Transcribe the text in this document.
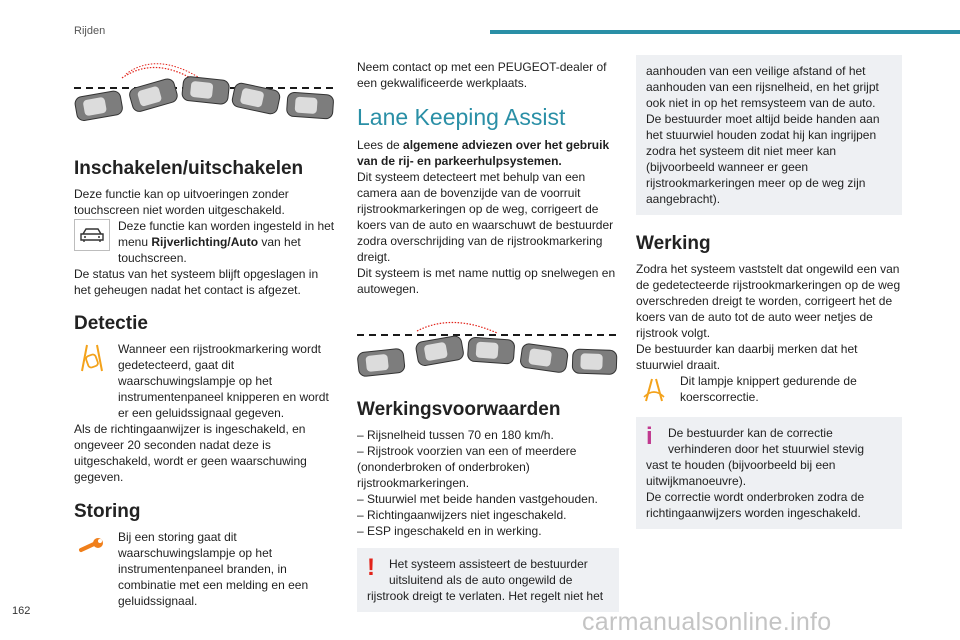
Rijden
Inschakelen/uitschakelen

Deze functie kan op uitvoeringen zonder touchscreen niet worden uitgeschakeld.

Deze functie kan worden ingesteld in het menu Rijverlichting/Auto van het touchscreen.

De status van het systeem blijft opgeslagen in het geheugen nadat het contact is afgezet.

Detectie
Wanneer een rijstrookmarkering wordt gedetecteerd, gaat dit waarschuwingslampje op het instrumentenpaneel knipperen en wordt er een geluidssignaal gegeven.

Als de richtingaanwijzer is ingeschakeld, en ongeveer 20 seconden nadat deze is uitgeschakeld, wordt er geen waarschuwing gegeven.

Storing
Bij een storing gaat dit waarschuwingslampje op het instrumentenpaneel branden, in combinatie met een melding en een geluidssignaal.

Neem contact op met een PEUGEOT-dealer of een gekwalificeerde werkplaats.

Lane Keeping Assist

Lees de algemene adviezen over het gebruik van de rij- en parkeerhulpsystemen.

Dit systeem detecteert met behulp van een camera aan de bovenzijde van de voorruit rijstrookmarkeringen op de weg, corrigeert de koers van de auto en waarschuwt de bestuurder zodra overschrijding van de rijstrookmarkering dreigt.

Dit systeem is met name nuttig op snelwegen en autowegen.

Werkingsvoorwaarden

– Rijsnelheid tussen 70 en 180 km/h.

– Rijstrook voorzien van een of meerdere (ononderbroken of onderbroken) rijstrookmarkeringen.

– Stuurwiel met beide handen vastgehouden.

– Richtingaanwijzers niet ingeschakeld.

– ESP ingeschakeld en in werking.

!	Het systeem assisteert de bestuurder uitsluitend als de auto ongewild de

rijstrook dreigt te verlaten. Het regelt niet het

aanhouden van een veilige afstand of het aanhouden van een rijsnelheid, en het grijpt ook niet in op het remsysteem van de auto. De bestuurder moet altijd beide handen aan het stuurwiel houden zodat hij kan ingrijpen zodra het systeem dit niet meer kan (bijvoorbeeld wanneer er geen rijstrookmarkeringen meer op de weg zijn aangebracht).

Werking

Zodra het systeem vaststelt dat ongewild een van de gedetecteerde rijstrookmarkeringen op de weg overschreden dreigt te worden, corrigeert het de koers van de auto tot de auto weer netjes de rijstrook volgt.

De bestuurder kan daarbij merken dat het stuurwiel draait.

Dit lampje knippert gedurende de koerscorrectie.
i	De bestuurder kan de correctie verhinderen door het stuurwiel stevig

vast te houden (bijvoorbeeld bij een uitwijkmanoeuvre).

De correctie wordt onderbroken zodra de richtingaanwijzers worden ingeschakeld.

162	carmanualsonline.info
